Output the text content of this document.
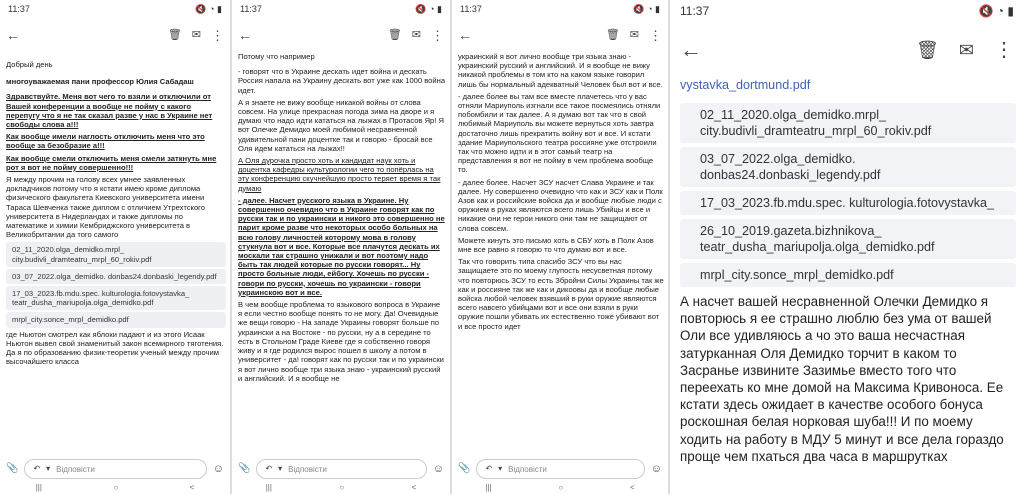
11:37	🔇 ◔ ▮
←	🗑 ✉ ⋮

Добрый день

многоуважаемая пани профессор Юлия Сабадаш

Здравствуйте. Меня вот чего то взяли и отключили от Вашей конференции а вообще не пойму с какого перепугу что я не так сказал разве у нас в Украине нет свободы слова а!!!

Как вообще имели наглость отключить меня что это вообще за безобразие а!!!

Как вообще смели отключить меня смели заткнуть мне рот я вот не пойму совершенно!!!

Я между прочим на голову всех умнее заявленных докладчиков потому что я кстати имею кроме диплома физического факультета Киевского университета имени Тараса Шевченка также диплом с отличием Утрехтского университета в Нидерландах и также дипломы по математике и химии Кембриджского университета в Великобритании да того самого

02_11_2020.olga_demidko.mrpl_ city.budivli_dramteatru_mrpl_60_rokiv.pdf
03_07_2022.olga_demidko. donbas24.donbaski_legendy.pdf
17_03_2023.fb.mdu.spec. kulturologia.fotovystavka_ teatr_dusha_mariupolja.olga_demidko.pdf
mrpl_city.sonce_mrpl_demidko.pdf

где Ньютон смотрел как яблоки падают и из этого Исаак Ньютон вывел свой знаменитый закон всемирного тяготения. Да я по образованию физик-теоретик ученый между прочим высочайшего класса

📎 ↶ ▾ Відповісти	☺
|||	○	<
11:37	🔇 ◔ ▮
←	🗑 ✉ ⋮

Потому что например

- говорят что в Украине дескать идет война и дескать Россия напала на Украину дескать вот уже как 1000 война идет.

А я знаете не вижу вообще никакой войны от слова совсем. На улице прекрасная погода зима на дворе и я думаю что надо идти кататься на лыжах в Протасов Яр! Я вот Олечке Демидко моей любимой несравненной удивительной пани доцентке так и говорю - бросай все Оля идем кататься на лыжах!!

А Оля дурочка просто хоть и кандидат наук хоть и доцентка кафедры культурологии чего то попёрлась на эту конференцию скучнейшую просто теряет время я так думаю

- далее. Насчет русского языка в Украине. Ну совершенно очевидно что в Украине говорят как по русски так и по украински и никого это совершенно не парит кроме разве что некоторых особо больных на всю голову личностей которому мова в голову стукнула вот и все. Которые все плачутся дескать их москали так страшно унижали и вот поэтому надо быть так людей которые по русски говорят... Ну просто больные люди, ейбогу. Хочешь по русски - говори по русски, хочешь по украински - говори украинскою вот и все.

В чем вообще проблема то языкового вопроса в Украине я если честно вообще понять то не могу. Да! Очевидные же вещи говорю - На западе Украины говорят больше по украински а на Востоке - по русски, ну а в середине то есть в Стольном Граде Киеве где я собственно говоря живу и я где родился вырос пошел в школу а потом в университет - да! говорят как по русски так и по украински я вот лично вообще три языка знаю - украинский русский и английский. И я вообще не

📎 ↶ ▾ Відповісти	☺
|||	○	<
11:37	🔇 ◔ ▮
←	🗑 ✉ ⋮

украинский я вот лично вообще три языка знаю - украинский русский и английский. И я вообще не вижу никакой проблемы в том кто на каком языке говорил лишь бы нормальный адекватный Человек был вот и все.

- далее более вы там все вместе плачетесь что у вас отняли Мариуполь изгнали все такое посмеялись отняли побомбили и так далее. А я думаю вот так что в свой любимый Мариуполь вы можете вернуться хоть завтра достаточно лишь прекратить войну вот и все. И кстати здание Мариупольского театра россияне уже отстроили так что можно идти и в этот самый театр на представления я вот не пойму в чем проблема вообще то.

- далее более. Насчет ЗСУ насчет Слава Украине и так далее. Ну совершенно очевидно что как и ЗСУ как и Полк Азов как и российские войска да и вообще любые люди с оружием в руках являются всего лишь Убийцы и все и никакие они не герои никого они там не защищают от слова совсем.

Можете кинуть это письмо хоть в СБУ хоть в Полк Азов мне все равно я говорю то что думаю вот и все.

Так что говорить типа спасибо ЗСУ что вы нас защищаете это по моему глупость несусветная потому что повторюсь ЗСУ то есть Збройни Силы Украины так же как и россияне так же как и дикоовы да и вообще любые войска любой человек взявший в руки оружие являются всего навсего убийцами вот и все они взяли в руки оружие пошли убивать их естественно тоже убивают вот и все просто идет

📎 ↶ ▾ Відповісти	☺
|||	○	<
11:37	🔇 ◔ ▮
←	🗑 ✉ ⋮
vystavka_dortmund.pdf
02_11_2020.olga_demidko.mrpl_ city.budivli_dramteatru_mrpl_60_rokiv.pdf
03_07_2022.olga_demidko. donbas24.donbaski_legendy.pdf
17_03_2023.fb.mdu.spec. kulturologia.fotovystavka_
26_10_2019.gazeta.bizhnikova_ teatr_dusha_mariupolja.olga_demidko.pdf
mrpl_city.sonce_mrpl_demidko.pdf

А насчет вашей несравненной Олечки Демидко я повторюсь я ее страшно люблю без ума от вашей Оли все удивляюсь а чо это ваша несчастная затурканная Оля Демидко торчит в каком то Засранье извините Зазимье вместо того что переехать ко мне домой на Максима Кривоноса. Ее кстати здесь ожидает в качестве особого бонуса роскошная белая норковая шуба!!! И по моему ходить на работу в МДУ 5 минут и все дела гораздо проще чем пхаться два часа в маршрутках
